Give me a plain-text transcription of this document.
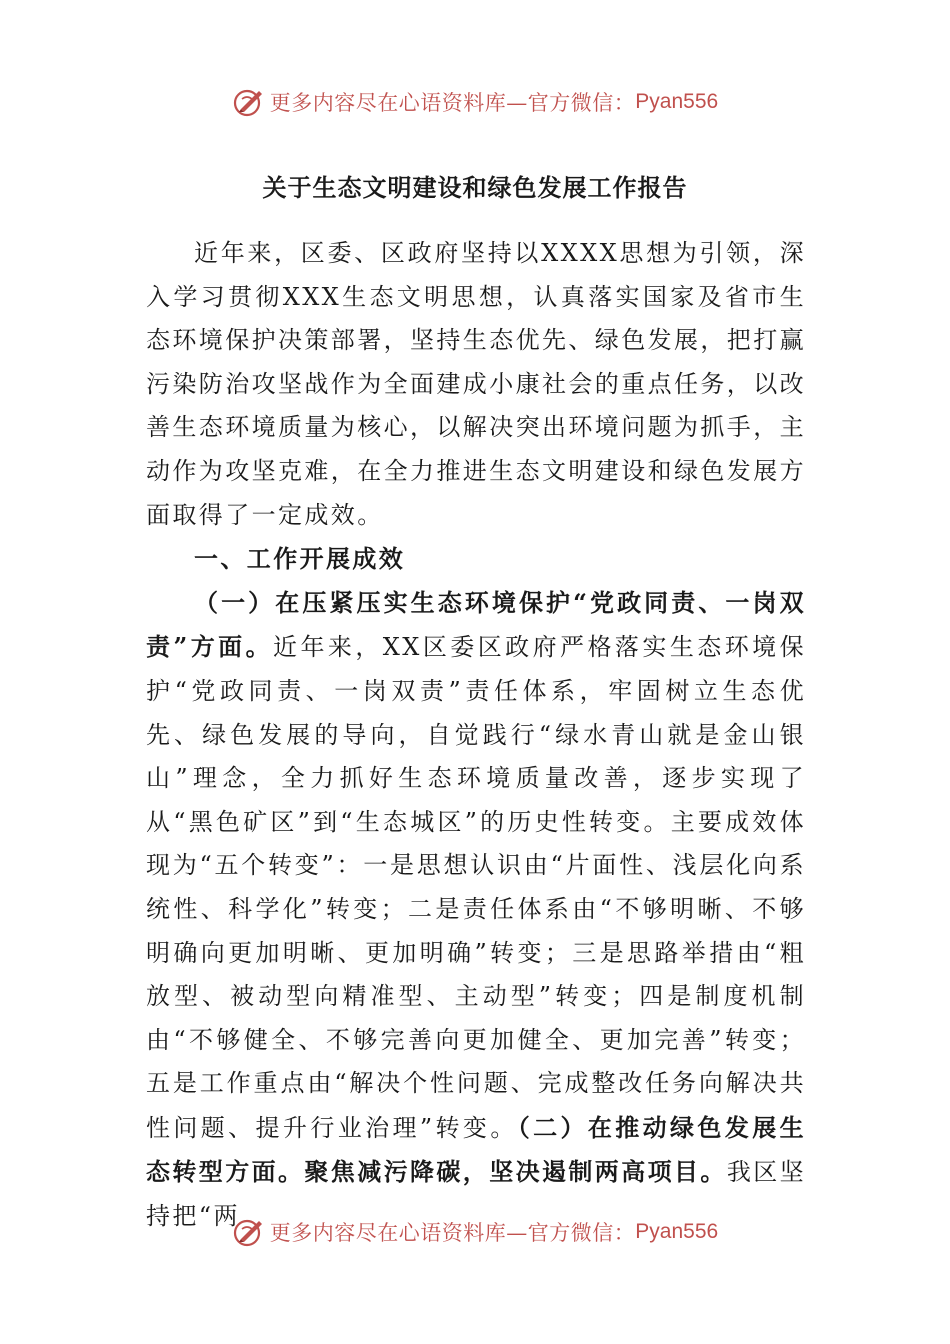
更多内容尽在心语资料库—官方微信： Pyan556
关于生态文明建设和绿色发展工作报告

近年来，区委、区政府坚持以XXXX思想为引领，深入学习贯彻XXX生态文明思想，认真落实国家及省市生态环境保护决策部署，坚持生态优先、绿色发展，把打赢污染防治攻坚战作为全面建成小康社会的重点任务，以改善生态环境质量为核心，以解决突出环境问题为抓手，主动作为攻坚克难，在全力推进生态文明建设和绿色发展方面取得了一定成效。

一、工作开展成效

（一）在压紧压实生态环境保护“党政同责、一岗双责”方面。近年来，XX区委区政府严格落实生态环境保护“党政同责、一岗双责”责任体系，牢固树立生态优先、绿色发展的导向，自觉践行“绿水青山就是金山银山”理念，全力抓好生态环境质量改善，逐步实现了从“黑色矿区”到“生态城区”的历史性转变。主要成效体现为“五个转变”：一是思想认识由“片面性、浅层化向系统性、科学化”转变；二是责任体系由“不够明晰、不够明确向更加明晰、更加明确”转变；三是思路举措由“粗放型、被动型向精准型、主动型”转变；四是制度机制由“不够健全、不够完善向更加健全、更加完善”转变；五是工作重点由“解决个性问题、完成整改任务向解决共性问题、提升行业治理”转变。（二）在推动绿色发展生态转型方面。聚焦减污降碳，坚决遏制两高项目。我区坚持把“两

更多内容尽在心语资料库—官方微信： Pyan556
